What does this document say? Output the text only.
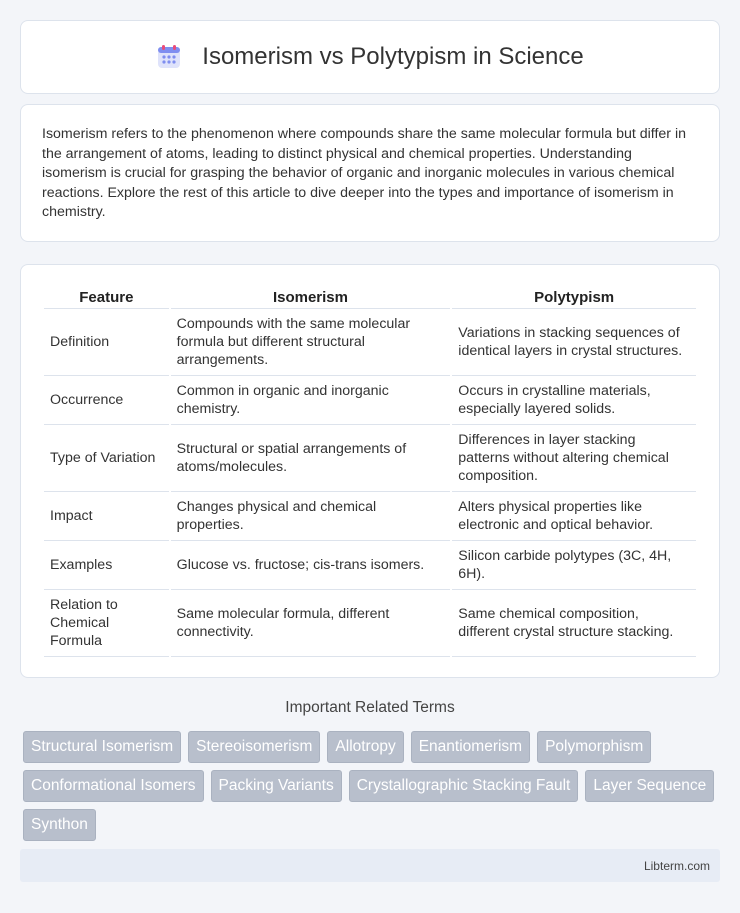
Isomerism vs Polytypism in Science

Isomerism refers to the phenomenon where compounds share the same molecular formula but differ in the arrangement of atoms, leading to distinct physical and chemical properties. Understanding isomerism is crucial for grasping the behavior of organic and inorganic molecules in various chemical reactions. Explore the rest of this article to dive deeper into the types and importance of isomerism in chemistry.

Feature	Isomerism	Polytypism
Definition	Compounds with the same molecular formula but different structural arrangements.	Variations in stacking sequences of identical layers in crystal structures.
Occurrence	Common in organic and inorganic chemistry.	Occurs in crystalline materials, especially layered solids.
Type of Variation	Structural or spatial arrangements of atoms/molecules.	Differences in layer stacking patterns without altering chemical composition.
Impact	Changes physical and chemical properties.	Alters physical properties like electronic and optical behavior.
Examples	Glucose vs. fructose; cis-trans isomers.	Silicon carbide polytypes (3C, 4H, 6H).
Relation to Chemical Formula	Same molecular formula, different connectivity.	Same chemical composition, different crystal structure stacking.
Important Related Terms
Structural Isomerism	Stereoisomerism	Allotropy	Enantiomerism	Polymorphism
Conformational Isomers	Packing Variants	Crystallographic Stacking Fault	Layer Sequence
Synthon
Libterm.com
